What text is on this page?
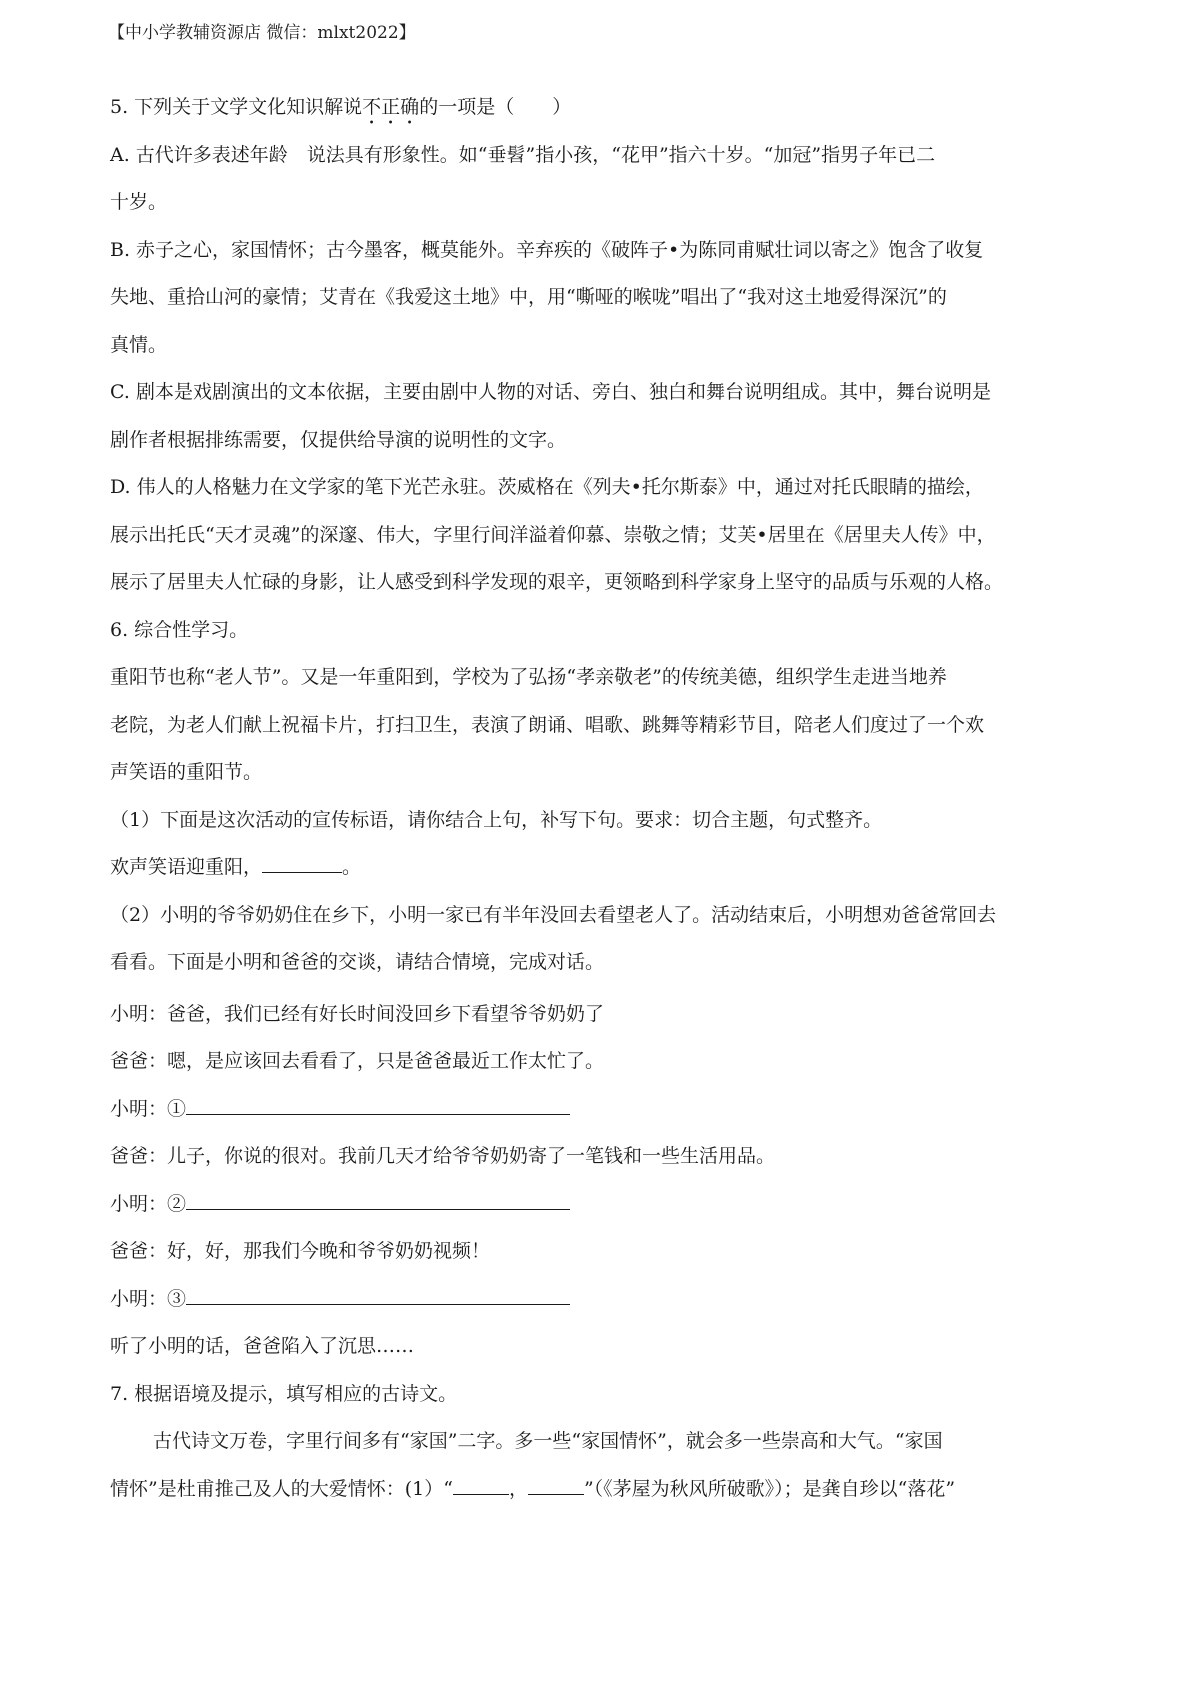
【中小学教辅资源店 微信：mlxt2022】
5. 下列关于文学文化知识解说不正确的一项是（　　）
A. 古代许多表述年龄　说法具有形象性。如“垂髫”指小孩，“花甲”指六十岁。“加冠”指男子年已二
十岁。
B. 赤子之心，家国情怀；古今墨客，概莫能外。辛弃疾的《破阵子•为陈同甫赋壮词以寄之》饱含了收复
失地、重拾山河的豪情；艾青在《我爱这土地》中，用“嘶哑的喉咙”唱出了“我对这土地爱得深沉”的
真情。
C. 剧本是戏剧演出的文本依据，主要由剧中人物的对话、旁白、独白和舞台说明组成。其中，舞台说明是
剧作者根据排练需要，仅提供给导演的说明性的文字。
D. 伟人的人格魅力在文学家的笔下光芒永驻。茨威格在《列夫•托尔斯泰》中，通过对托氏眼睛的描绘，
展示出托氏“天才灵魂”的深邃、伟大，字里行间洋溢着仰慕、崇敬之情；艾芙•居里在《居里夫人传》中，
展示了居里夫人忙碌的身影，让人感受到科学发现的艰辛，更领略到科学家身上坚守的品质与乐观的人格。
6. 综合性学习。
重阳节也称“老人节”。又是一年重阳到，学校为了弘扬“孝亲敬老”的传统美德，组织学生走进当地养
老院，为老人们献上祝福卡片，打扫卫生，表演了朗诵、唱歌、跳舞等精彩节目，陪老人们度过了一个欢
声笑语的重阳节。
（1）下面是这次活动的宣传标语，请你结合上句，补写下句。要求：切合主题，句式整齐。
欢声笑语迎重阳，	。
（2）小明的爷爷奶奶住在乡下，小明一家已有半年没回去看望老人了。活动结束后，小明想劝爸爸常回去
看看。下面是小明和爸爸的交谈，请结合情境，完成对话。
小明：爸爸，我们已经有好长时间没回乡下看望爷爷奶奶了
爸爸：嗯，是应该回去看看了，只是爸爸最近工作太忙了。
小明：①
爸爸：儿子，你说的很对。我前几天才给爷爷奶奶寄了一笔钱和一些生活用品。
小明：②
爸爸：好，好，那我们今晚和爷爷奶奶视频！
小明：③
听了小明的话，爸爸陷入了沉思……
7. 根据语境及提示，填写相应的古诗文。
古代诗文万卷，字里行间多有“家国”二字。多一些“家国情怀”，就会多一些崇高和大气。“家国
情怀”是杜甫推己及人的大爱情怀：(1）“	，	”（《茅屋为秋风所破歌》）；是龚自珍以“落花”
